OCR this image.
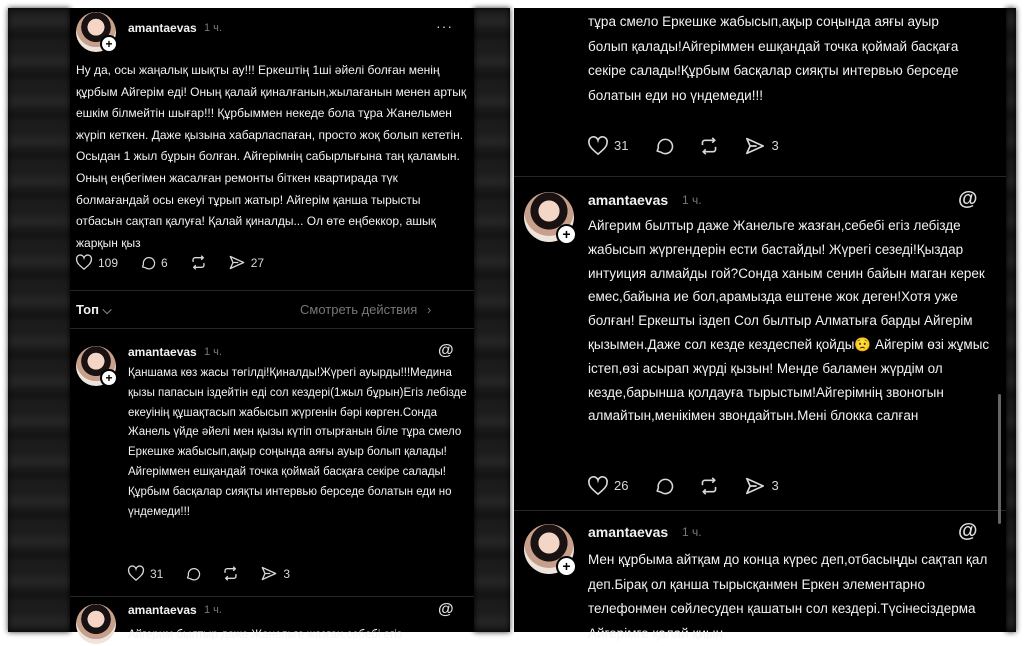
+
amantaevas 1 ч.	···
Ну да, осы жаңалық шықты ау!!! Еркештің 1ші әйелі болған менің құрбым Айгерім еді! Оның қалай қиналғанын,жылағанын менен артық ешкім білмейтін шығар!!! Құрбыммен некеде бола тұра Жанельмен жүріп кеткен. Даже қызына хабарласпаған, просто жоқ болып кететін. Осыдан 1 жыл бұрын болған. Айгерімнің сабырлығына таң қаламын. Оның еңбегімен жасалған ремонты біткен квартирада түк болмағандай осы екеуі тұрып жатыр! Айгерім қанша тырысты отбасын сақтап қалуға! Қалай қиналды... Ол өте еңбеккор, ашық жарқын қыз
109	6	27
Топ ⌵	Смотреть действия ›
+
amantaevas 1 ч.	@
Қаншама көз жасы төгілді!Қиналды!Жүрегі ауырды!!!Медина қызы папасын іздейтін еді сол кездері(1жыл бұрын)Егіз лебізде екеуінің құшақтасып жабысып жүргенін бәрі көрген.Сонда Жанель үйде әйелі мен қызы күтіп отырғанын біле тұра смело Еркешке жабысып,ақыр соңында аяғы ауыр болып қалады!Айгеріммен ешқандай точка қоймай басқаға секіре салады!Құрбым басқалар сияқты интервью берседе болатын еди но үндемеди!!!
31	3
amantaevas 1 ч.	@
Айгерим былтыр даже Жанельге жазған,себебі егіз
тұра смело Еркешке жабысып,ақыр соңында аяғы ауыр болып қалады!Айгеріммен ешқандай точка қоймай басқаға секіре салады!Құрбым басқалар сияқты интервью берседе болатын еди но үндемеди!!!
31	3
+
amantaevas 1 ч.	@
Айгерим былтыр даже Жанельге жазған,себебі егіз лебізде жабысып жүргендерін ести бастайды! Жүрегі сезеді!Қыздар интуиция алмайды гой?Сонда ханым сенин байын маган керек емес,байына ие бол,арамызда ештене жок деген!Хотя уже болған! Еркешты іздеп Сол былтыр Алматыға барды Айгерім қызымен.Даже сол кезде кездеспей қойды😟 Айгерім өзі жұмыс істеп,өзі асырап жүрді қызын! Менде баламен жүрдім ол кезде,барынша қолдауға тырыстым!Айгерімнің звоногын алмайтын,менікімен звондайтын.Мені блокка салған
26	3
+
amantaevas 1 ч.	@
Мен құрбыма айтқам до конца күрес деп,отбасыңды сақтап қал деп.Бірақ ол қанша тырысқанмен Еркен элементарно телефонмен сөйлесуден қашатын сол кездері.Түсінесіздерма Айгерімге қалай қиын
